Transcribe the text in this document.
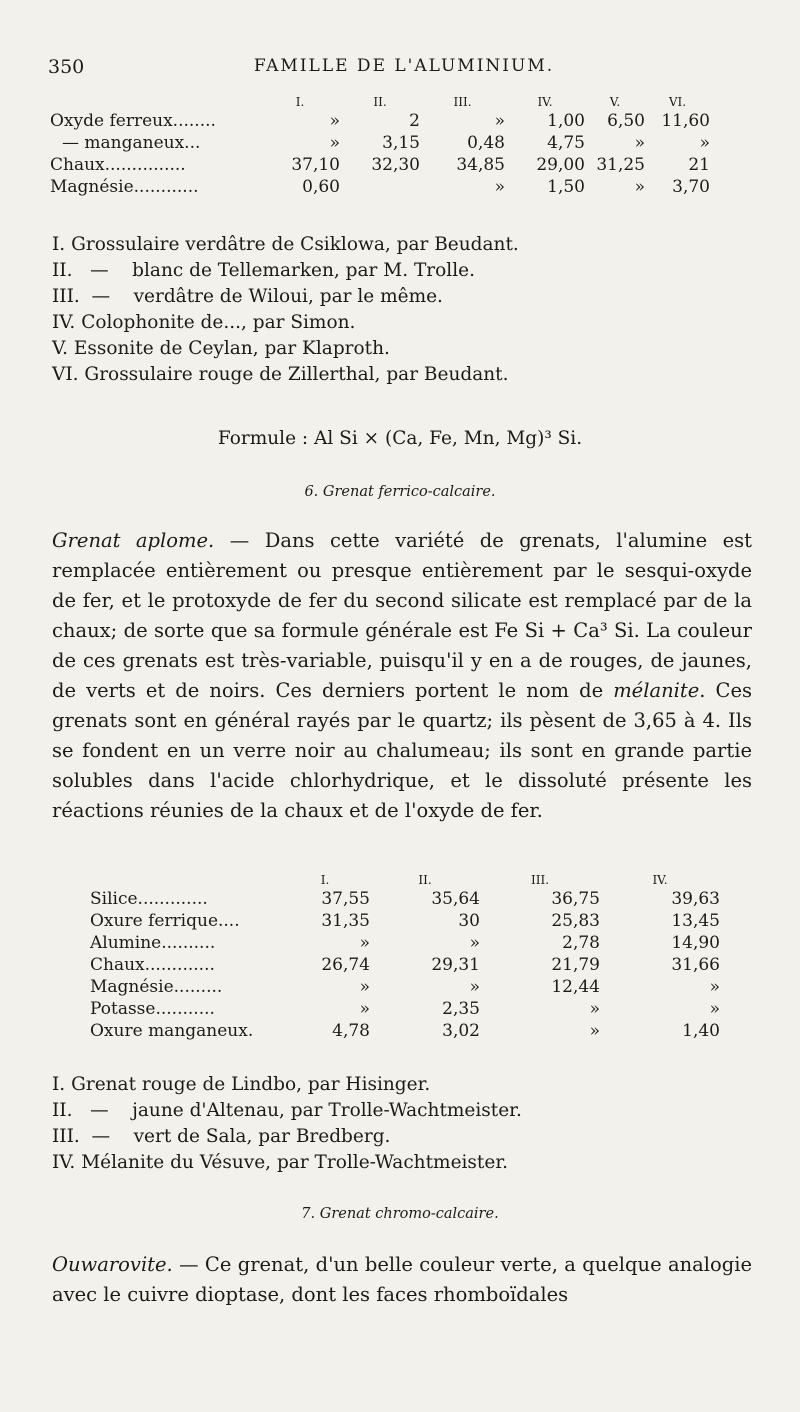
350	FAMILLE DE L'ALUMINIUM.
	I.	II.	III.	IV.	V.	VI.
Oxyde ferreux........	»	2	»	1,00	6,50	11,60
— manganeux...	»	3,15	0,48	4,75	»	»
Chaux...............	37,10	32,30	34,85	29,00	31,25	21
Magnésie............	0,60		»	1,50	»	3,70
I. Grossulaire verdâtre de Csiklowa, par Beudant.
II.   —    blanc de Tellemarken, par M. Trolle.
III.  —    verdâtre de Wiloui, par le même.
IV. Colophonite de..., par Simon.
V. Essonite de Ceylan, par Klaproth.
VI. Grossulaire rouge de Zillerthal, par Beudant.
Formule : Al Si × (Ca, Fe, Mn, Mg)³ Si.
6. Grenat ferrico-calcaire.

Grenat aplome. — Dans cette variété de grenats, l'alumine est remplacée entièrement ou presque entièrement par le sesqui-oxyde de fer, et le protoxyde de fer du second silicate est remplacé par de la chaux; de sorte que sa formule générale est Fe Si + Ca³ Si. La couleur de ces grenats est très-variable, puisqu'il y en a de rouges, de jaunes, de verts et de noirs. Ces derniers portent le nom de mélanite. Ces grenats sont en général rayés par le quartz; ils pèsent de 3,65 à 4. Ils se fondent en un verre noir au chalumeau; ils sont en grande partie solubles dans l'acide chlorhydrique, et le dissoluté présente les réactions réunies de la chaux et de l'oxyde de fer.

	I.	II.	III.	IV.
Silice.............	37,55	35,64	36,75	39,63
Oxure ferrique....	31,35	30	25,83	13,45
Alumine..........	»	»	2,78	14,90
Chaux.............	26,74	29,31	21,79	31,66
Magnésie.........	»	»	12,44	»
Potasse...........	»	2,35	»	»
Oxure manganeux.	4,78	3,02	»	1,40
I. Grenat rouge de Lindbo, par Hisinger.
II.   —    jaune d'Altenau, par Trolle-Wachtmeister.
III.  —    vert de Sala, par Bredberg.
IV. Mélanite du Vésuve, par Trolle-Wachtmeister.
7. Grenat chromo-calcaire.

Ouwarovite. — Ce grenat, d'un belle couleur verte, a quelque analogie avec le cuivre dioptase, dont les faces rhomboïdales
